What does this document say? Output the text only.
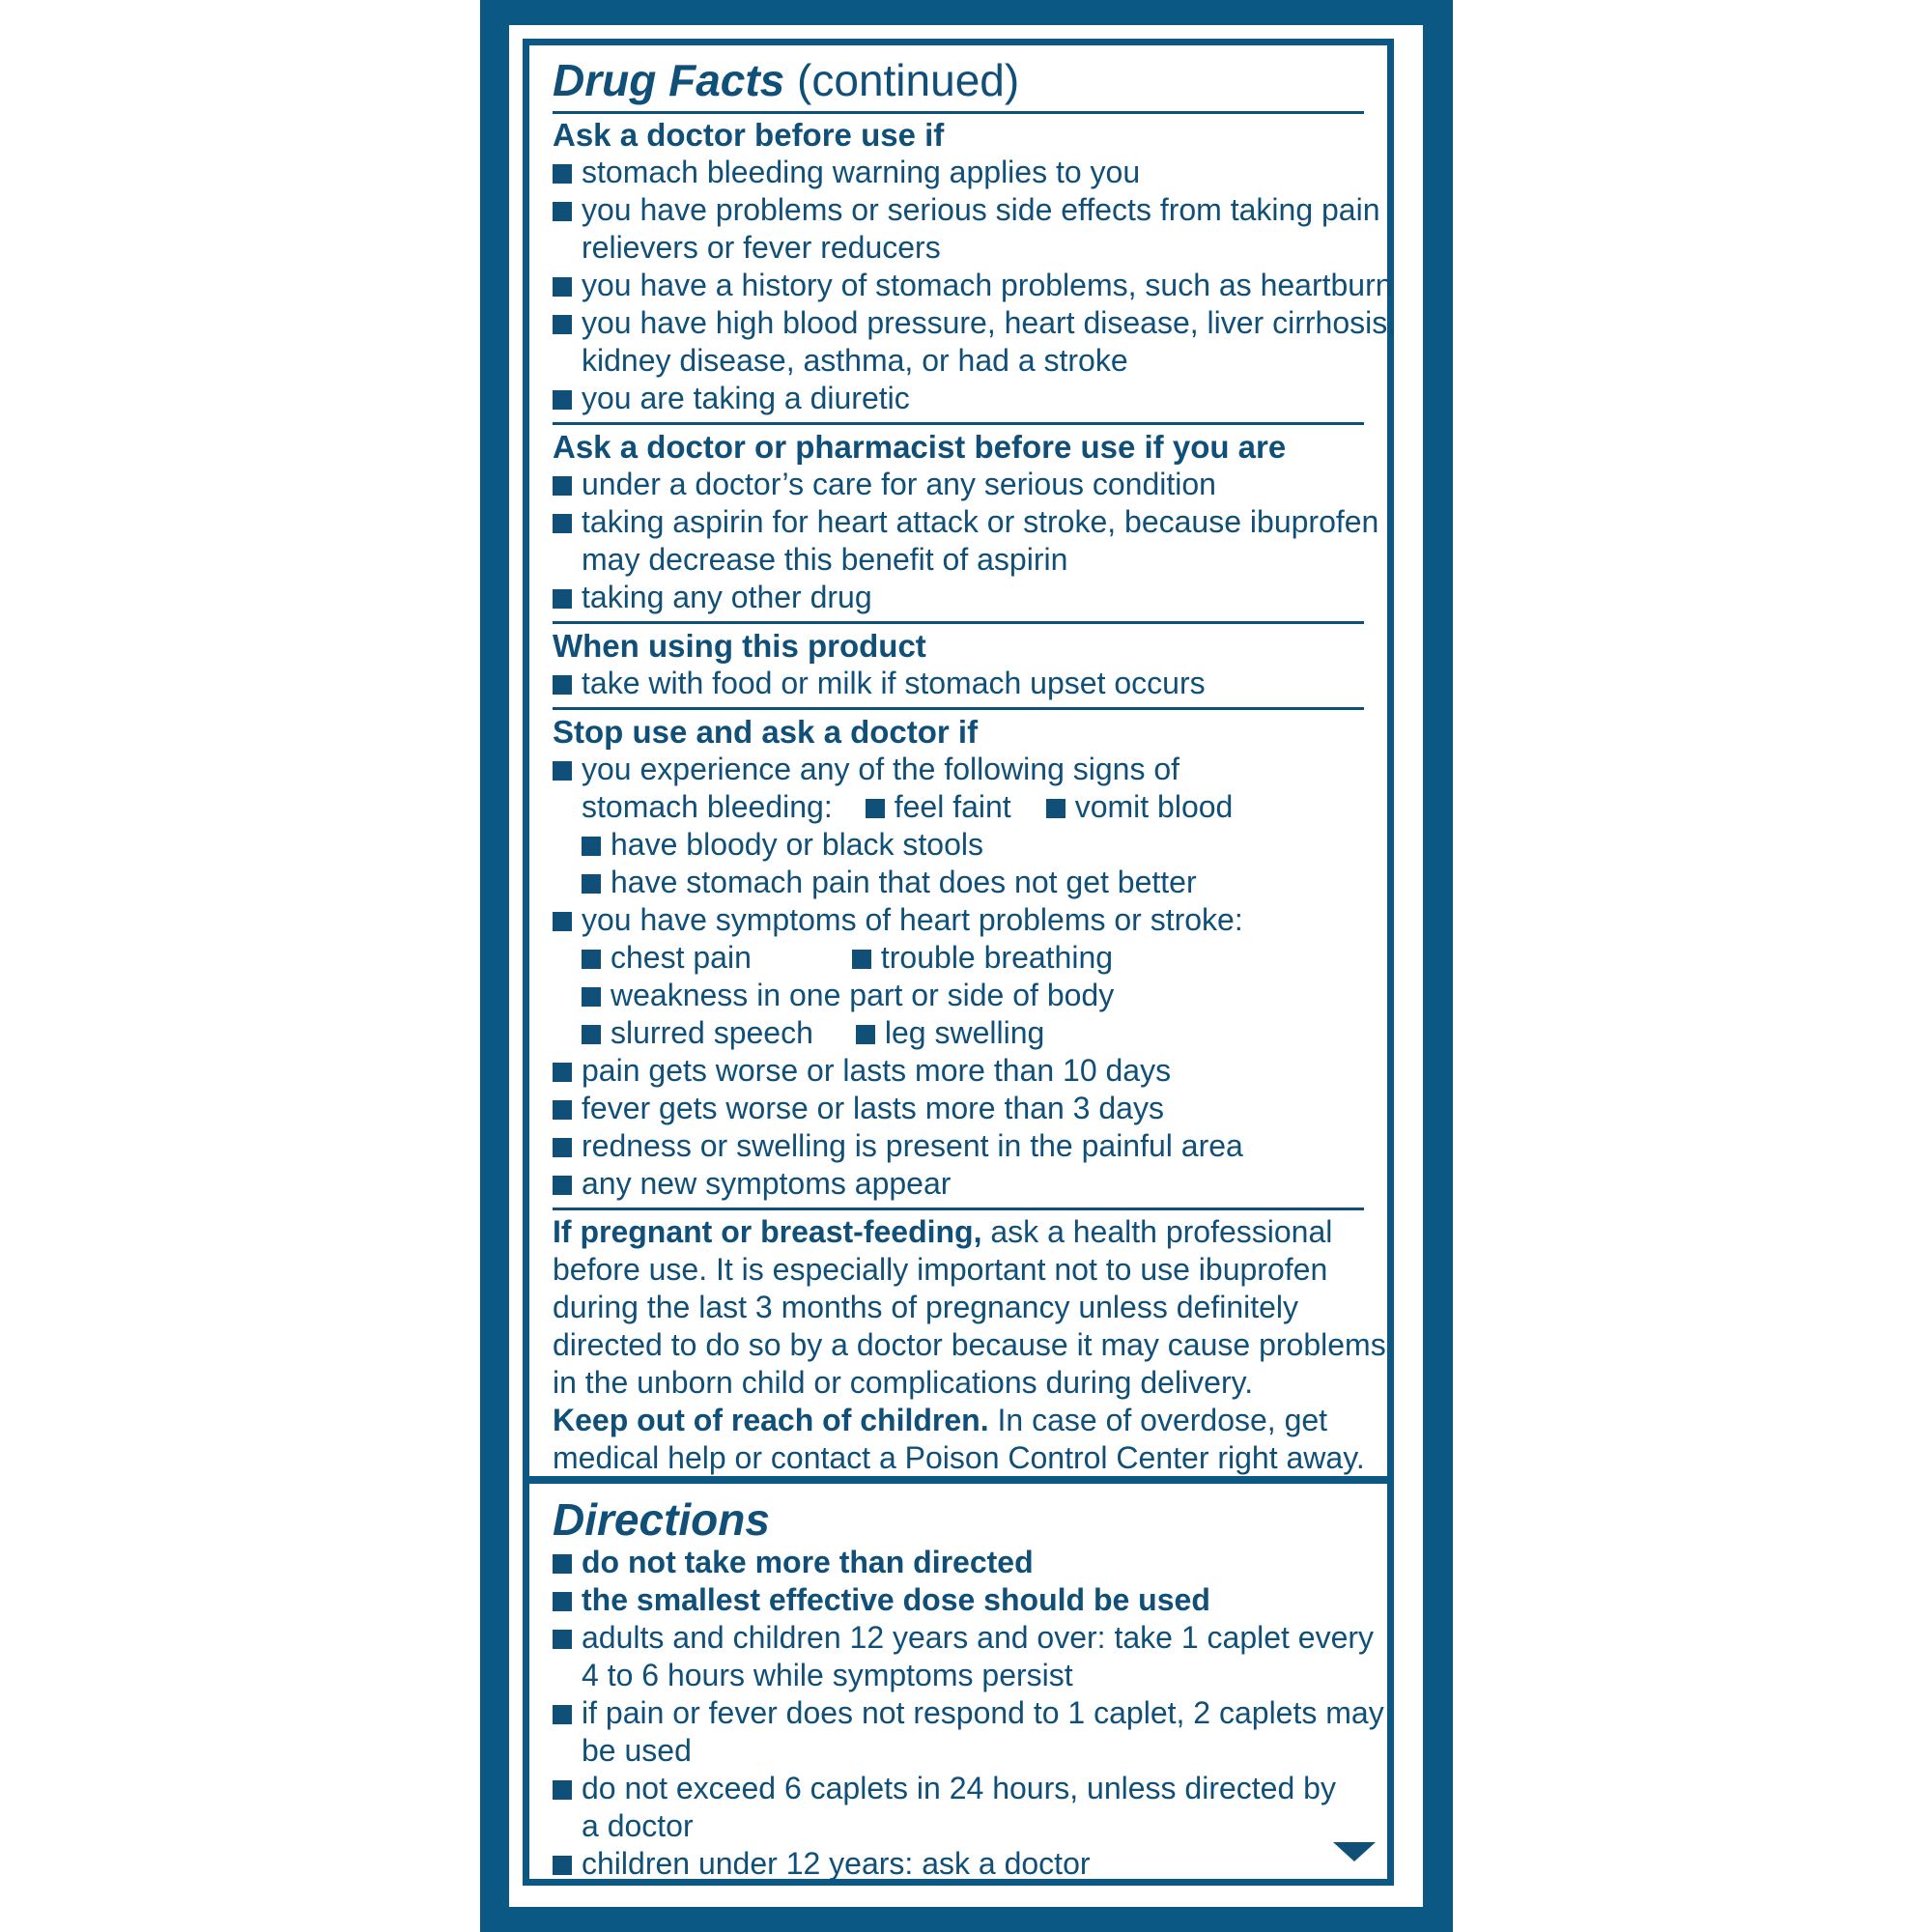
Drug Facts (continued)
Ask a doctor before use if
stomach bleeding warning applies to you
you have problems or serious side effects from taking pain
relievers or fever reducers
you have a history of stomach problems, such as heartburn
you have high blood pressure, heart disease, liver cirrhosis,
kidney disease, asthma, or had a stroke
you are taking a diuretic
Ask a doctor or pharmacist before use if you are
under a doctor’s care for any serious condition
taking aspirin for heart attack or stroke, because ibuprofen
may decrease this benefit of aspirin
taking any other drug
When using this product
take with food or milk if stomach upset occurs
Stop use and ask a doctor if
you experience any of the following signs of
stomach bleeding: feel faint vomit blood
have bloody or black stools
have stomach pain that does not get better
you have symptoms of heart problems or stroke:
chest pain	trouble breathing
weakness in one part or side of body
slurred speech leg swelling
pain gets worse or lasts more than 10 days
fever gets worse or lasts more than 3 days
redness or swelling is present in the painful area
any new symptoms appear
If pregnant or breast-feeding, ask a health professional
before use. It is especially important not to use ibuprofen
during the last 3 months of pregnancy unless definitely
directed to do so by a doctor because it may cause problems
in the unborn child or complications during delivery.
Keep out of reach of children. In case of overdose, get
medical help or contact a Poison Control Center right away.
Directions
do not take more than directed
the smallest effective dose should be used
adults and children 12 years and over: take 1 caplet every
4 to 6 hours while symptoms persist
if pain or fever does not respond to 1 caplet, 2 caplets may
be used
do not exceed 6 caplets in 24 hours, unless directed by
a doctor
children under 12 years: ask a doctor
